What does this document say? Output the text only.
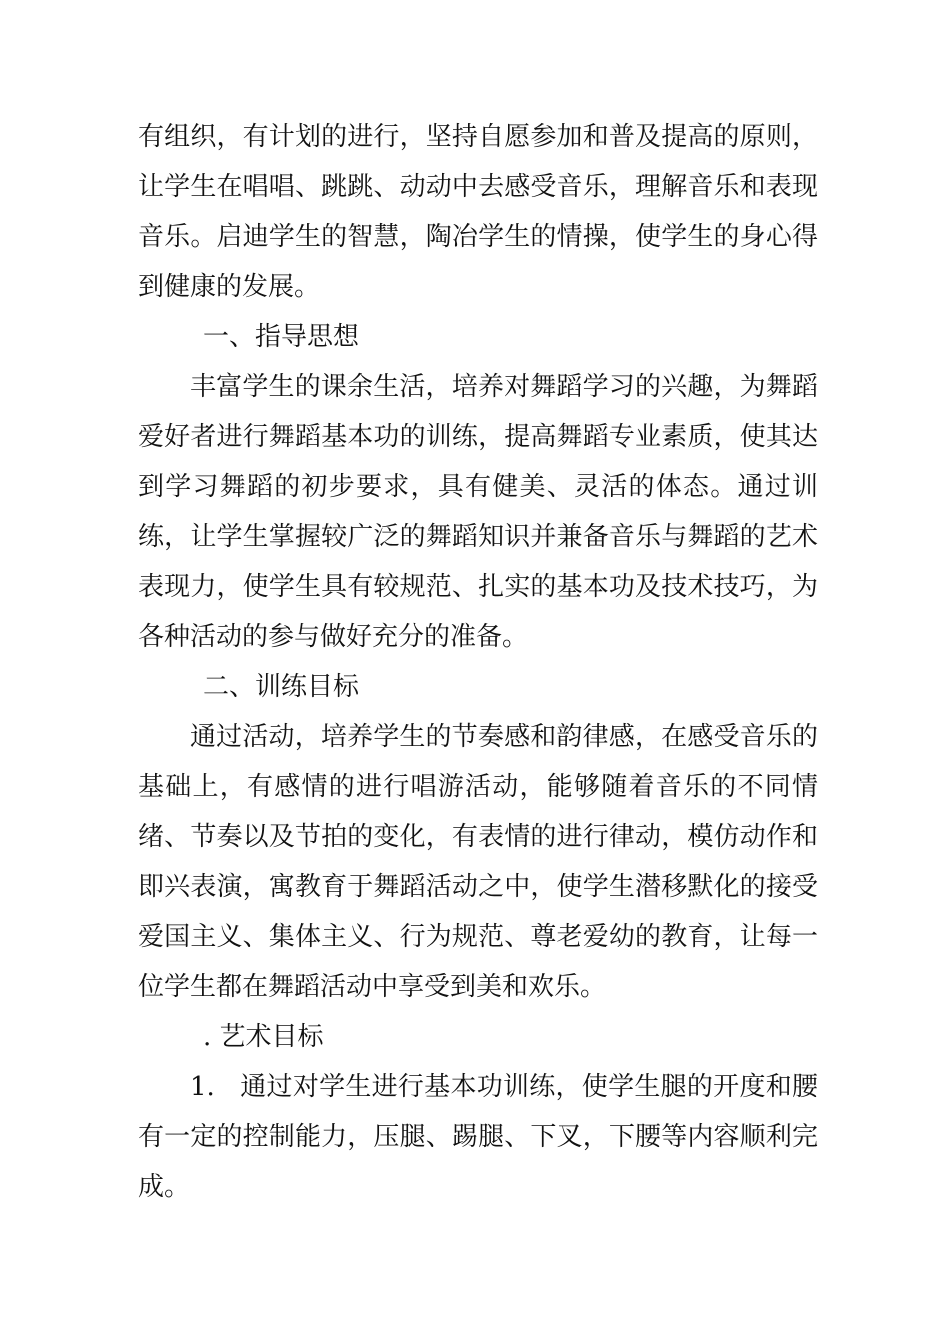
有组织，有计划的进行，坚持自愿参加和普及提高的原则，让学生在唱唱、跳跳、动动中去感受音乐，理解音乐和表现音乐。启迪学生的智慧，陶冶学生的情操，使学生的身心得到健康的发展。

一、指导思想

丰富学生的课余生活，培养对舞蹈学习的兴趣，为舞蹈爱好者进行舞蹈基本功的训练，提高舞蹈专业素质，使其达到学习舞蹈的初步要求，具有健美、灵活的体态。通过训练，让学生掌握较广泛的舞蹈知识并兼备音乐与舞蹈的艺术表现力，使学生具有较规范、扎实的基本功及技术技巧，为各种活动的参与做好充分的准备。

二、训练目标

通过活动，培养学生的节奏感和韵律感，在感受音乐的基础上，有感情的进行唱游活动，能够随着音乐的不同情绪、节奏以及节拍的变化，有表情的进行律动，模仿动作和即兴表演，寓教育于舞蹈活动之中，使学生潜移默化的接受爱国主义、集体主义、行为规范、尊老爱幼的教育，让每一位学生都在舞蹈活动中享受到美和欢乐。

. 艺术目标

1. 通过对学生进行基本功训练，使学生腿的开度和腰有一定的控制能力，压腿、踢腿、下叉，下腰等内容顺利完成。
